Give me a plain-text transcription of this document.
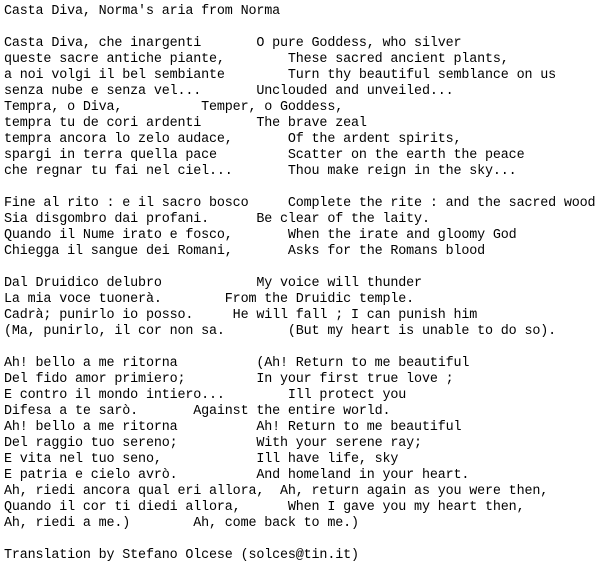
Casta Diva, Norma's aria from Norma

Casta Diva, che inargenti       O pure Goddess, who silver
queste sacre antiche piante,        These sacred ancient plants,
a noi volgi il bel sembiante        Turn thy beautiful semblance on us
senza nube e senza vel...       Unclouded and unveiled...
Tempra, o Diva,          Temper, o Goddess,
tempra tu de cori ardenti       The brave zeal
tempra ancora lo zelo audace,       Of the ardent spirits,
spargi in terra quella pace         Scatter on the earth the peace
che regnar tu fai nel ciel...       Thou make reign in the sky...

Fine al rito : e il sacro bosco     Complete the rite : and the sacred wood
Sia disgombro dai profani.      Be clear of the laity.
Quando il Nume irato e fosco,       When the irate and gloomy God
Chiegga il sangue dei Romani,       Asks for the Romans blood

Dal Druidico delubro            My voice will thunder
La mia voce tuonerà.        From the Druidic temple.
Cadrà; punirlo io posso.     He will fall ; I can punish him
(Ma, punirlo, il cor non sa.        (But my heart is unable to do so).

Ah! bello a me ritorna          (Ah! Return to me beautiful
Del fido amor primiero;         In your first true love ;
E contro il mondo intiero...        Ill protect you
Difesa a te sarò.       Against the entire world.
Ah! bello a me ritorna          Ah! Return to me beautiful
Del raggio tuo sereno;          With your serene ray;
E vita nel tuo seno,            Ill have life, sky
E patria e cielo avrò.          And homeland in your heart.
Ah, riedi ancora qual eri allora,  Ah, return again as you were then,
Quando il cor ti diedi allora,      When I gave you my heart then,
Ah, riedi a me.)        Ah, come back to me.)

Translation by Stefano Olcese (solces@tin.it)
